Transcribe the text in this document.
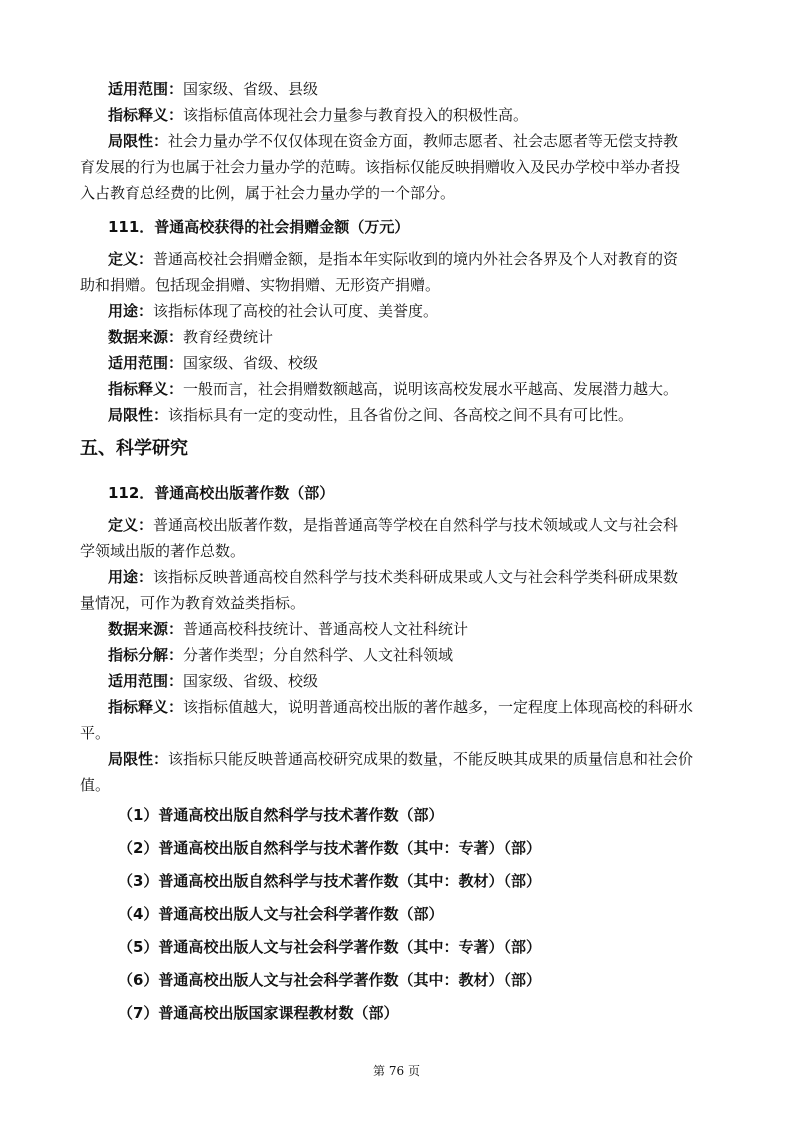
适用范围：国家级、省级、县级
指标释义：该指标值高体现社会力量参与教育投入的积极性高。
局限性：社会力量办学不仅仅体现在资金方面，教师志愿者、社会志愿者等无偿支持教
育发展的行为也属于社会力量办学的范畴。该指标仅能反映捐赠收入及民办学校中举办者投
入占教育总经费的比例，属于社会力量办学的一个部分。
111．普通高校获得的社会捐赠金额（万元）
定义：普通高校社会捐赠金额，是指本年实际收到的境内外社会各界及个人对教育的资
助和捐赠。包括现金捐赠、实物捐赠、无形资产捐赠。
用途：该指标体现了高校的社会认可度、美誉度。
数据来源：教育经费统计
适用范围：国家级、省级、校级
指标释义：一般而言，社会捐赠数额越高，说明该高校发展水平越高、发展潜力越大。
局限性：该指标具有一定的变动性，且各省份之间、各高校之间不具有可比性。
五、科学研究
112．普通高校出版著作数（部）
定义：普通高校出版著作数，是指普通高等学校在自然科学与技术领域或人文与社会科
学领域出版的著作总数。
用途：该指标反映普通高校自然科学与技术类科研成果或人文与社会科学类科研成果数
量情况，可作为教育效益类指标。
数据来源：普通高校科技统计、普通高校人文社科统计
指标分解：分著作类型；分自然科学、人文社科领域
适用范围：国家级、省级、校级
指标释义：该指标值越大，说明普通高校出版的著作越多，一定程度上体现高校的科研水
平。
局限性：该指标只能反映普通高校研究成果的数量，不能反映其成果的质量信息和社会价
值。
（1）普通高校出版自然科学与技术著作数（部）
（2）普通高校出版自然科学与技术著作数（其中：专著）（部）
（3）普通高校出版自然科学与技术著作数（其中：教材）（部）
（4）普通高校出版人文与社会科学著作数（部）
（5）普通高校出版人文与社会科学著作数（其中：专著）（部）
（6）普通高校出版人文与社会科学著作数（其中：教材）（部）
（7）普通高校出版国家课程教材数（部）
第 76 页
